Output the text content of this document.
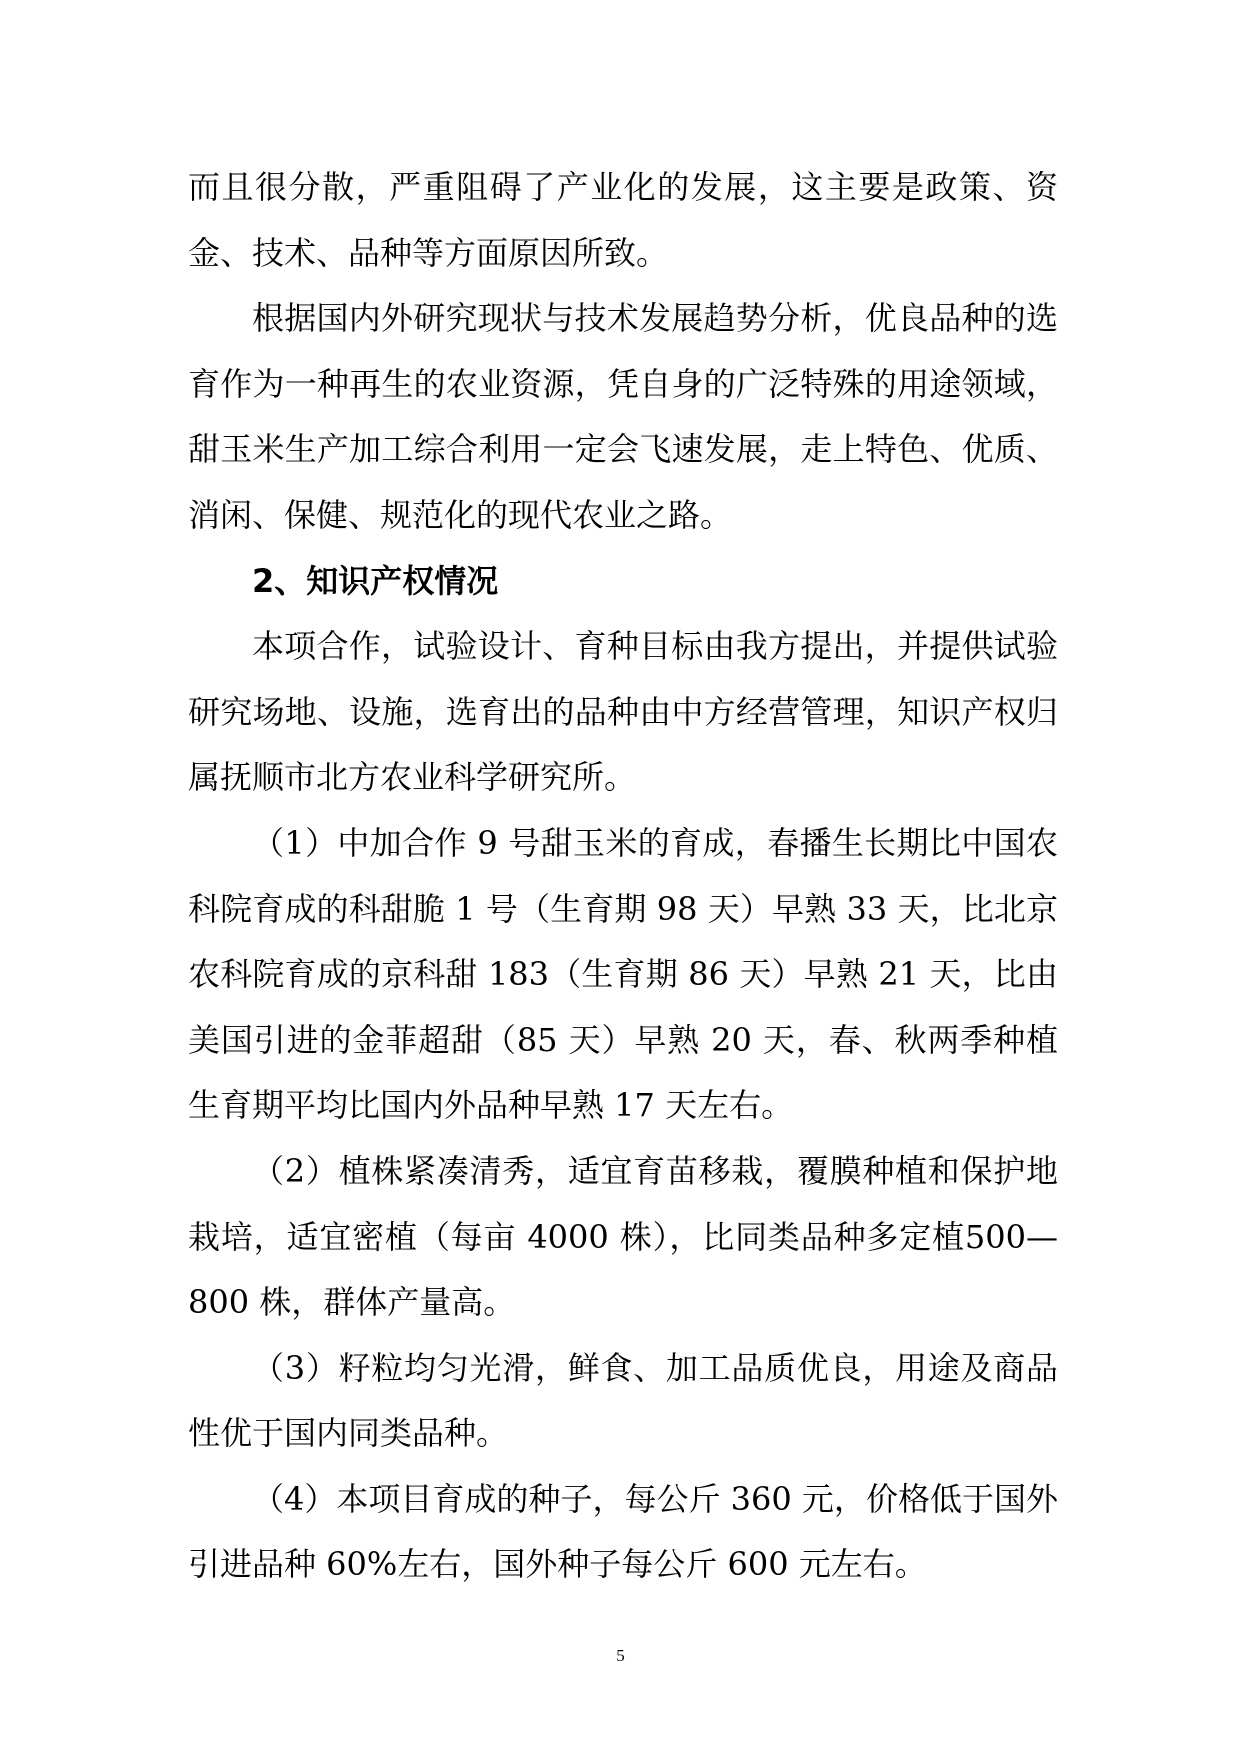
而且很分散，严重阻碍了产业化的发展，这主要是政策、资金、技术、品种等方面原因所致。

根据国内外研究现状与技术发展趋势分析，优良品种的选育作为一种再生的农业资源，凭自身的广泛特殊的用途领域，甜玉米生产加工综合利用一定会飞速发展，走上特色、优质、消闲、保健、规范化的现代农业之路。

2、知识产权情况

本项合作，试验设计、育种目标由我方提出，并提供试验研究场地、设施，选育出的品种由中方经营管理，知识产权归属抚顺市北方农业科学研究所。

（1）中加合作 9 号甜玉米的育成，春播生长期比中国农科院育成的科甜脆 1 号（生育期 98 天）早熟 33 天，比北京农科院育成的京科甜 183（生育期 86 天）早熟 21 天，比由美国引进的金菲超甜（85 天）早熟 20 天，春、秋两季种植生育期平均比国内外品种早熟 17 天左右。

（2）植株紧凑清秀，适宜育苗移栽，覆膜种植和保护地栽培，适宜密植（每亩 4000 株），比同类品种多定植500—800 株，群体产量高。

（3）籽粒均匀光滑，鲜食、加工品质优良，用途及商品性优于国内同类品种。

（4）本项目育成的种子，每公斤 360 元，价格低于国外引进品种 60%左右，国外种子每公斤 600 元左右。

5
